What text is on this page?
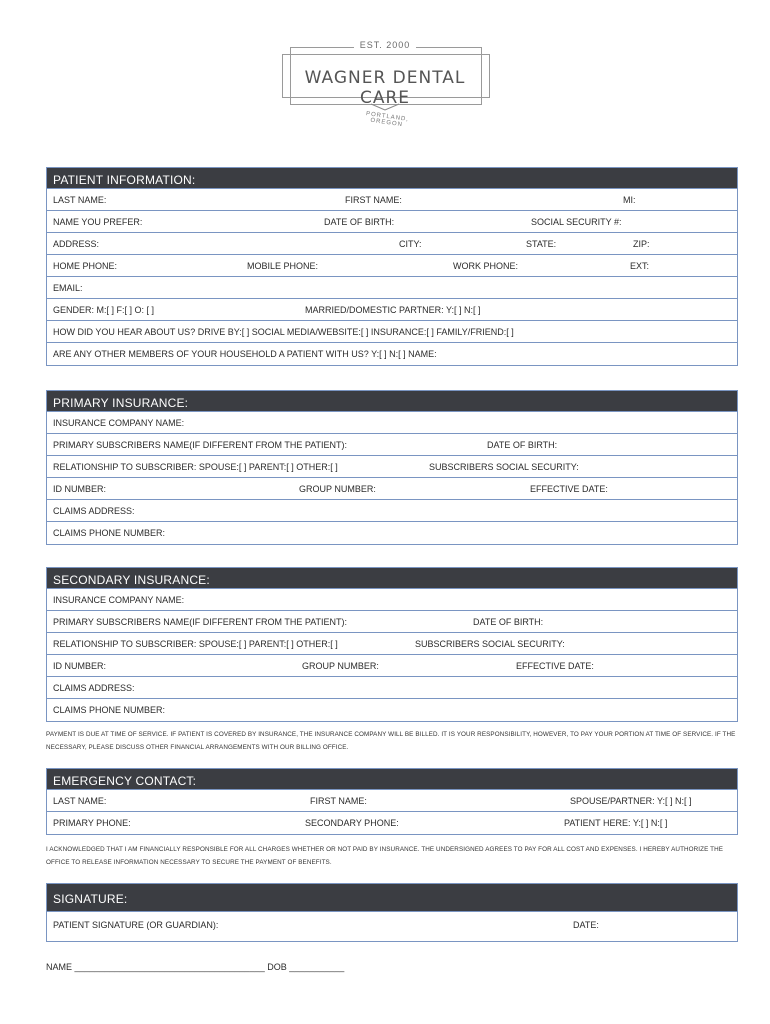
EST. 2000
WAGNER DENTAL CARE
PORTLAND, OREGON
PATIENT INFORMATION:
LAST NAME:	FIRST NAME:	MI:
NAME YOU PREFER:	DATE OF BIRTH:	SOCIAL SECURITY #:
ADDRESS:	CITY:	STATE:	ZIP:
HOME PHONE:	MOBILE PHONE:	WORK PHONE:	EXT:
EMAIL:
GENDER: M:[ ] F:[ ] O: [ ]	MARRIED/DOMESTIC PARTNER: Y:[ ] N:[ ]
HOW DID YOU HEAR ABOUT US? DRIVE BY:[ ] SOCIAL MEDIA/WEBSITE:[ ] INSURANCE:[ ] FAMILY/FRIEND:[ ]
ARE ANY OTHER MEMBERS OF YOUR HOUSEHOLD A PATIENT WITH US? Y:[ ] N:[ ] NAME:
PRIMARY INSURANCE:
INSURANCE COMPANY NAME:
PRIMARY SUBSCRIBERS NAME(IF DIFFERENT FROM THE PATIENT):	DATE OF BIRTH:
RELATIONSHIP TO SUBSCRIBER: SPOUSE:[ ] PARENT:[ ] OTHER:[ ]	SUBSCRIBERS SOCIAL SECURITY:
ID NUMBER:	GROUP NUMBER:	EFFECTIVE DATE:
CLAIMS ADDRESS:
CLAIMS PHONE NUMBER:
SECONDARY INSURANCE:
INSURANCE COMPANY NAME:
PRIMARY SUBSCRIBERS NAME(IF DIFFERENT FROM THE PATIENT):	DATE OF BIRTH:
RELATIONSHIP TO SUBSCRIBER: SPOUSE:[ ] PARENT:[ ] OTHER:[ ]	SUBSCRIBERS SOCIAL SECURITY:
ID NUMBER:	GROUP NUMBER:	EFFECTIVE DATE:
CLAIMS ADDRESS:
CLAIMS PHONE NUMBER:
PAYMENT IS DUE AT TIME OF SERVICE. IF PATIENT IS COVERED BY INSURANCE, THE INSURANCE COMPANY WILL BE BILLED. IT IS YOUR RESPONSIBILITY, HOWEVER, TO PAY YOUR PORTION AT TIME OF SERVICE. IF THE NECESSARY, PLEASE DISCUSS OTHER FINANCIAL ARRANGEMENTS WITH OUR BILLING OFFICE.
EMERGENCY CONTACT:
LAST NAME:	FIRST NAME:	SPOUSE/PARTNER: Y:[ ] N:[ ]
PRIMARY PHONE:	SECONDARY PHONE:	PATIENT HERE: Y:[ ] N:[ ]
I ACKNOWLEDGED THAT I AM FINANCIALLY RESPONSIBLE FOR ALL CHARGES WHETHER OR NOT PAID BY INSURANCE. THE UNDERSIGNED AGREES TO PAY FOR ALL COST AND EXPENSES. I HEREBY AUTHORIZE THE OFFICE TO RELEASE INFORMATION NECESSARY TO SECURE THE PAYMENT OF BENEFITS.
SIGNATURE:
PATIENT SIGNATURE (OR GUARDIAN):	DATE:
NAME ______________________________________ DOB ___________
